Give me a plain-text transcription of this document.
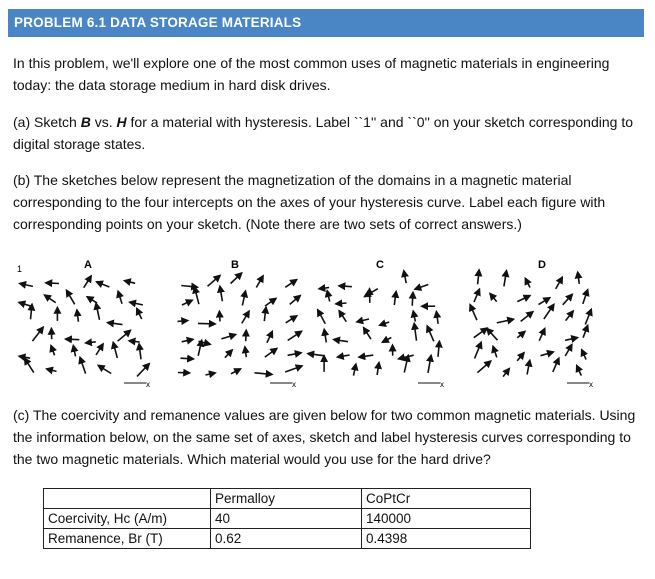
PROBLEM 6.1 DATA STORAGE MATERIALS
In this problem, we'll explore one of the most common uses of magnetic materials in engineering today: the data storage medium in hard disk drives.
(a) Sketch B vs. H for a material with hysteresis. Label ``1'' and ``0'' on your sketch corresponding to digital storage states.
(b) The sketches below represent the magnetization of the domains in a magnetic material corresponding to the four intercepts on the axes of your hysteresis curve. Label each figure with corresponding points on your sketch. (Note there are two sets of correct answers.)
1	A	B	C	D
x	x	x	x
(c) The coercivity and remanence values are given below for two common magnetic materials. Using the information below, on the same set of axes, sketch and label hysteresis curves corresponding to the two magnetic materials. Which material would you use for the hard drive?
	Permalloy	CoPtCr
Coercivity, Hc (A/m)	40	140000
Remanence, Br (T)	0.62	0.4398
